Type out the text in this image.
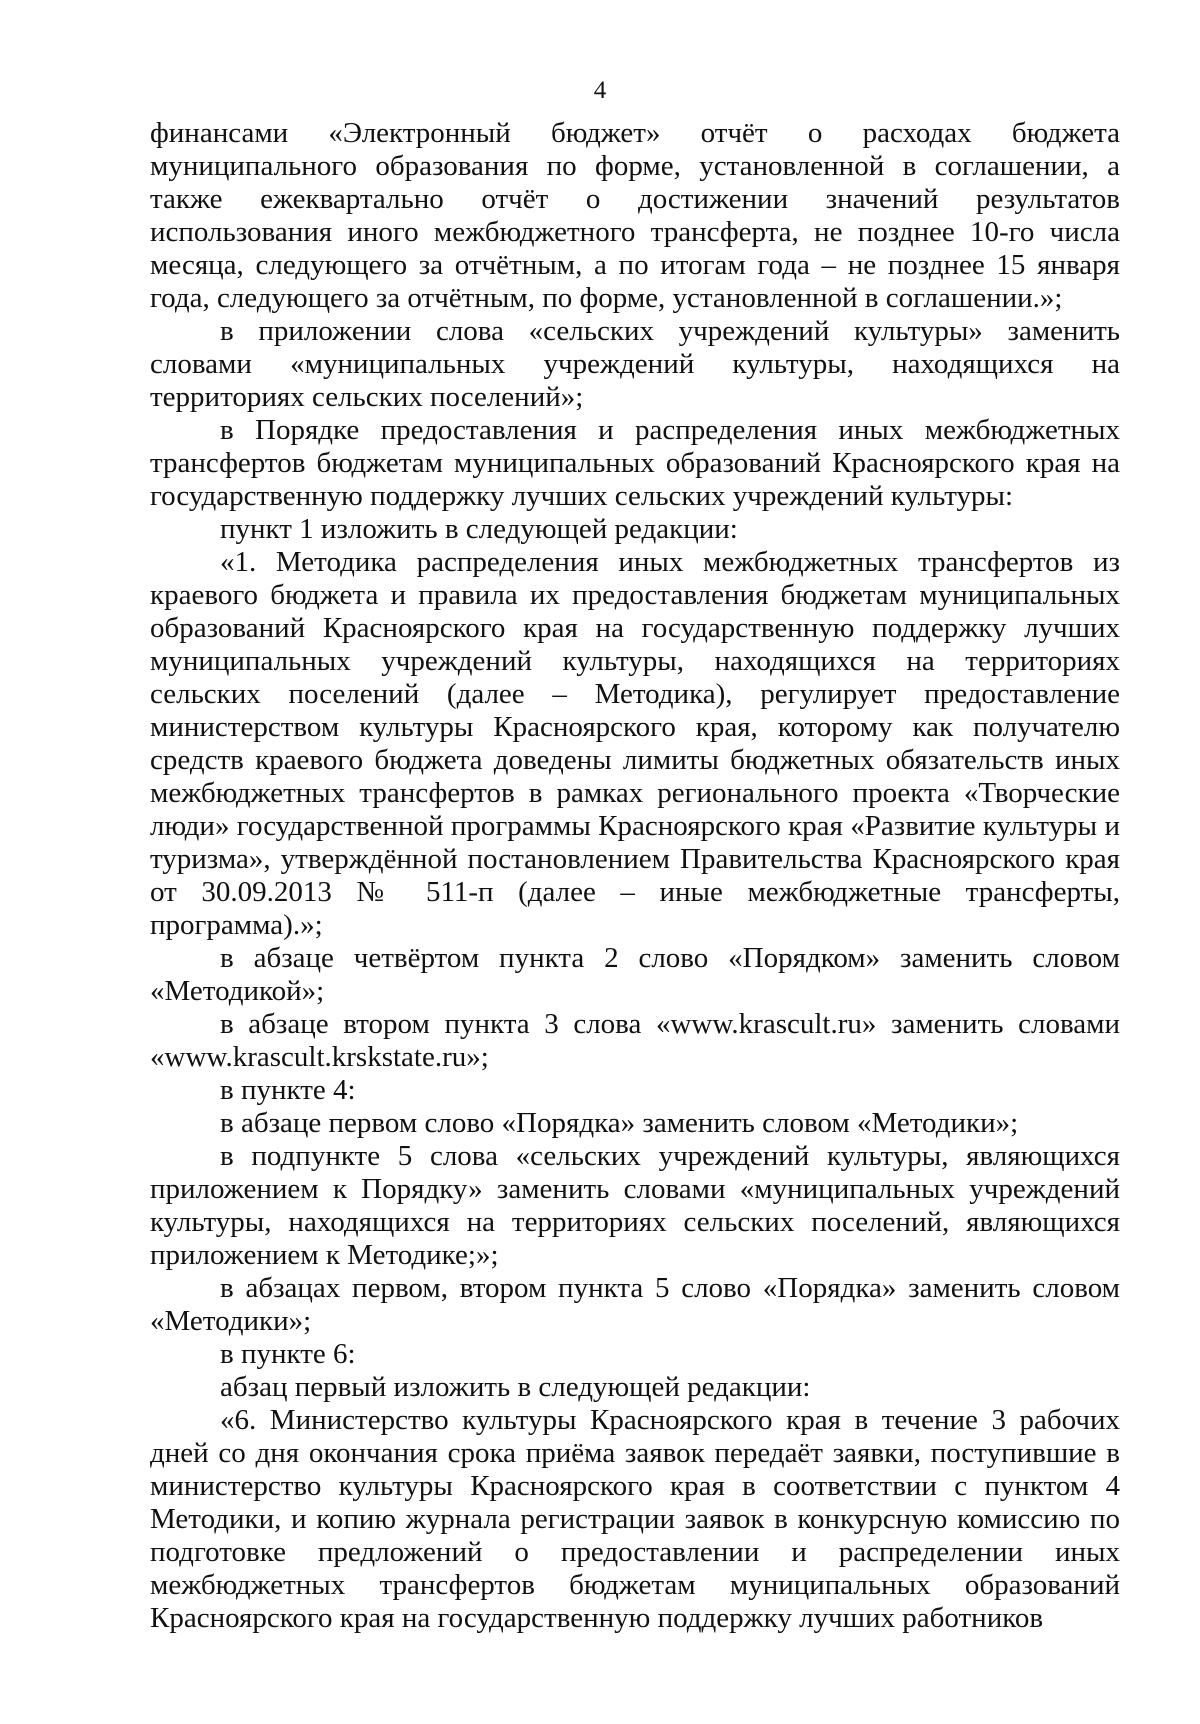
4

финансами «Электронный бюджет» отчёт о расходах бюджета муниципального образования по форме, установленной в соглашении, а также ежеквартально отчёт о достижении значений результатов использования иного межбюджетного трансферта, не позднее 10-го числа месяца, следующего за отчётным, а по итогам года – не позднее 15 января года, следующего за отчётным, по форме, установленной в соглашении.»;

в приложении слова «сельских учреждений культуры» заменить словами «муниципальных учреждений культуры, находящихся на территориях сельских поселений»;

в Порядке предоставления и распределения иных межбюджетных трансфертов бюджетам муниципальных образований Красноярского края на государственную поддержку лучших сельских учреждений культуры:

пункт 1 изложить в следующей редакции:

«1. Методика распределения иных межбюджетных трансфертов из краевого бюджета и правила их предоставления бюджетам муниципальных образований Красноярского края на государственную поддержку лучших муниципальных учреждений культуры, находящихся на территориях сельских поселений (далее – Методика), регулирует предоставление министерством культуры Красноярского края, которому как получателю средств краевого бюджета доведены лимиты бюджетных обязательств иных межбюджетных трансфертов в рамках регионального проекта «Творческие люди» государственной программы Красноярского края «Развитие культуры и туризма», утверждённой постановлением Правительства Красноярского края от 30.09.2013 № 511-п (далее – иные межбюджетные трансферты, программа).»;

в абзаце четвёртом пункта 2 слово «Порядком» заменить словом «Методикой»;

в абзаце втором пункта 3 слова «www.krascult.ru» заменить словами «www.krascult.krskstate.ru»;

в пункте 4:

в абзаце первом слово «Порядка» заменить словом «Методики»;

в подпункте 5 слова «сельских учреждений культуры, являющихся приложением к Порядку» заменить словами «муниципальных учреждений культуры, находящихся на территориях сельских поселений, являющихся приложением к Методике;»;

в абзацах первом, втором пункта 5 слово «Порядка» заменить словом «Методики»;

в пункте 6:

абзац первый изложить в следующей редакции:

«6. Министерство культуры Красноярского края в течение 3 рабочих дней со дня окончания срока приёма заявок передаёт заявки, поступившие в министерство культуры Красноярского края в соответствии с пунктом 4 Методики, и копию журнала регистрации заявок в конкурсную комиссию по подготовке предложений о предоставлении и распределении иных межбюджетных трансфертов бюджетам муниципальных образований Красноярского края на государственную поддержку лучших работников
